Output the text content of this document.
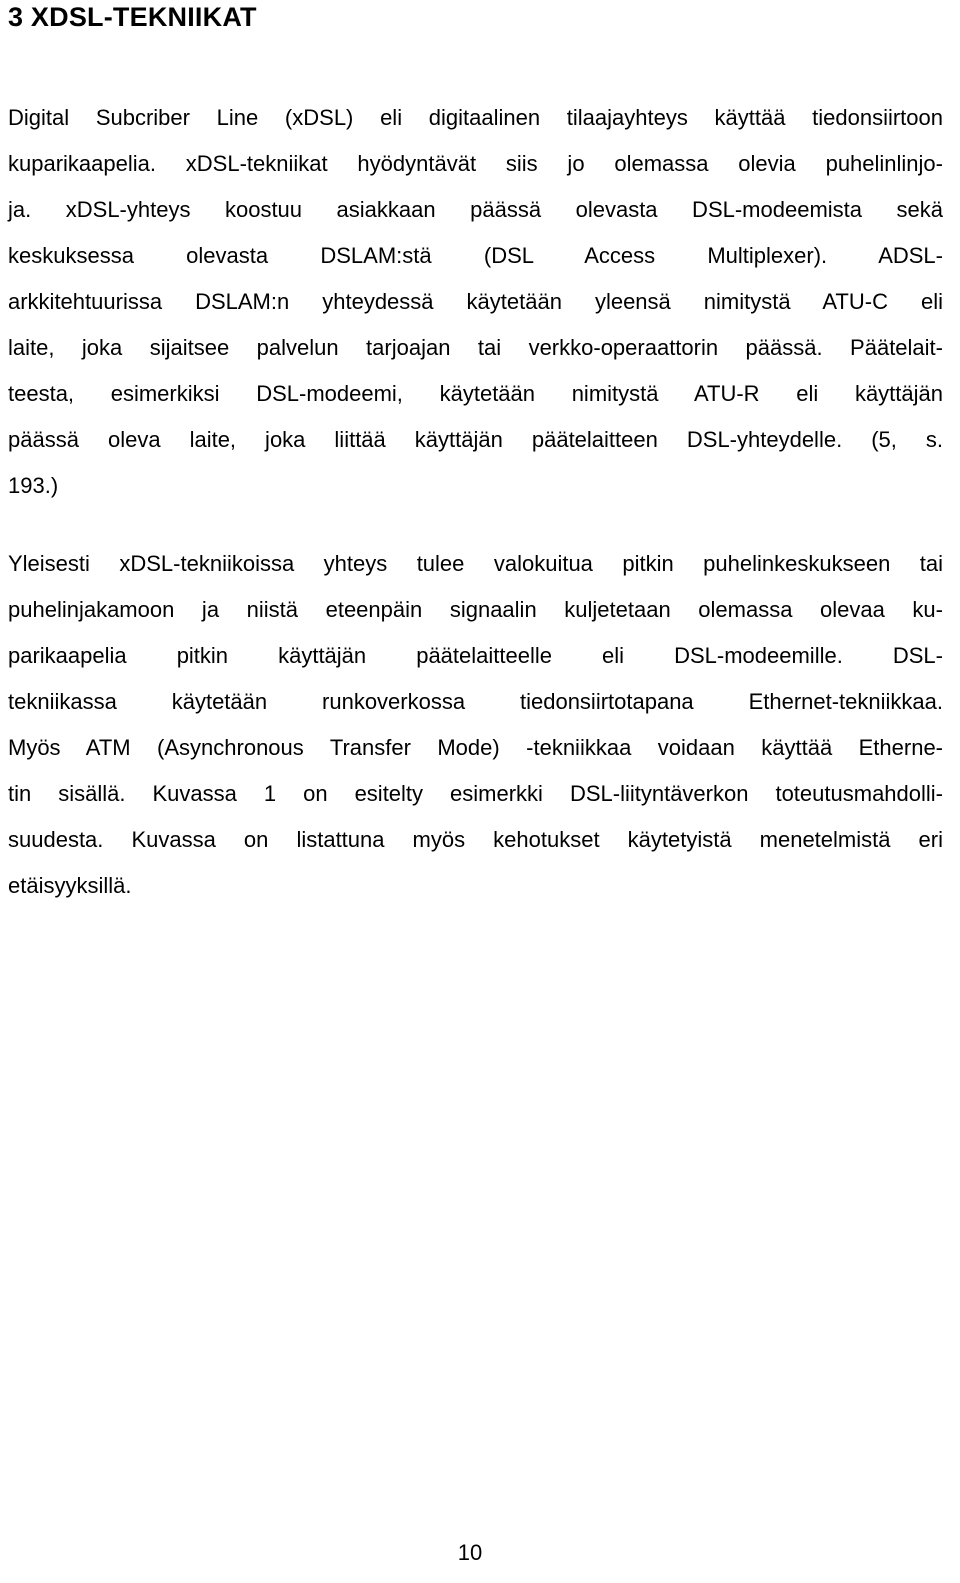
3 XDSL-TEKNIIKAT

Digital Subcriber Line (xDSL) eli digitaalinen tilaajayhteys käyttää tiedonsiirtoon
kuparikaapelia. xDSL-tekniikat hyödyntävät siis jo olemassa olevia puhelinlinjo-
ja. xDSL-yhteys koostuu asiakkaan päässä olevasta DSL-modeemista sekä
keskuksessa olevasta DSLAM:stä (DSL Access Multiplexer). ADSL-
arkkitehtuurissa DSLAM:n yhteydessä käytetään yleensä nimitystä ATU-C eli
laite, joka sijaitsee palvelun tarjoajan tai verkko-operaattorin päässä. Päätelait-
teesta, esimerkiksi DSL-modeemi, käytetään nimitystä ATU-R eli käyttäjän
päässä oleva laite, joka liittää käyttäjän päätelaitteen DSL-yhteydelle. (5, s.
193.)

Yleisesti xDSL-tekniikoissa yhteys tulee valokuitua pitkin puhelinkeskukseen tai
puhelinjakamoon ja niistä eteenpäin signaalin kuljetetaan olemassa olevaa ku-
parikaapelia pitkin käyttäjän päätelaitteelle eli DSL-modeemille. DSL-
tekniikassa käytetään runkoverkossa tiedonsiirtotapana Ethernet-tekniikkaa.
Myös ATM (Asynchronous Transfer Mode) -tekniikkaa voidaan käyttää Etherne-
tin sisällä. Kuvassa 1 on esitelty esimerkki DSL-liityntäverkon toteutusmahdolli-
suudesta. Kuvassa on listattuna myös kehotukset käytetyistä menetelmistä eri
etäisyyksillä.

10
